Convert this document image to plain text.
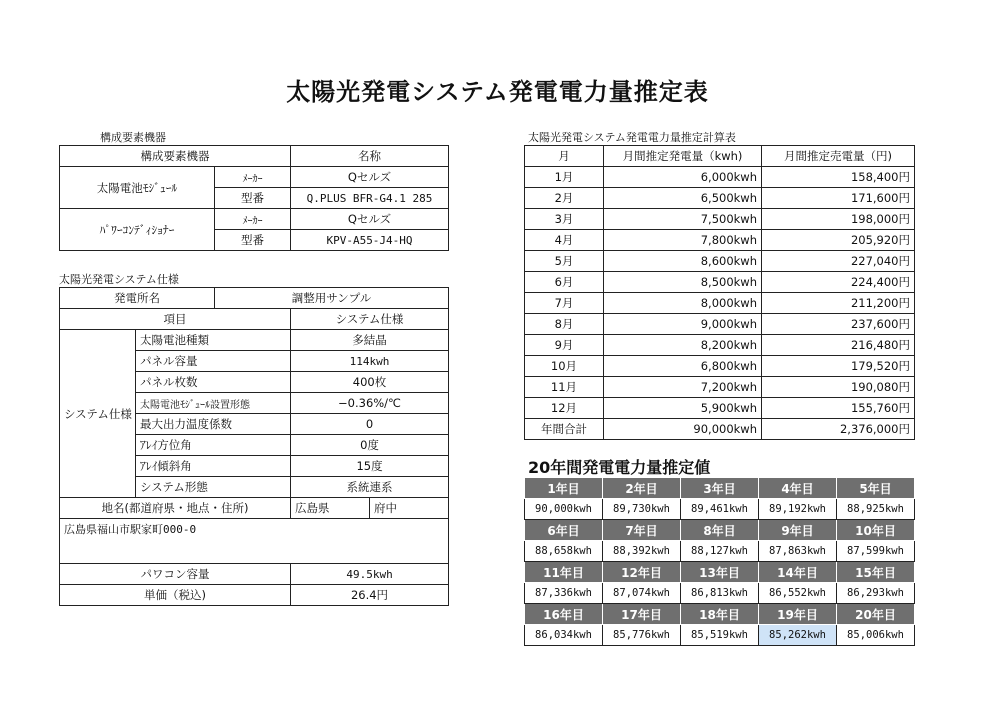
太陽光発電システム発電電力量推定表
構成要素機器
構成要素機器		名称
太陽電池ﾓｼﾞｭｰﾙ	ﾒｰｶｰ	Qセルズ
	型番	Q.PLUS BFR-G4.1 285
ﾊﾟﾜｰｺﾝﾃﾞｨｼｮﾅｰ	ﾒｰｶｰ	Qセルズ
	型番	KPV-A55-J4-HQ
太陽光発電システム仕様
発電所名		調整用サンプル		
項目			システム仕様	
システム仕様	太陽電池種類		多結晶	
	パネル容量		114kwh	
	パネル枚数		400枚	
	太陽電池ﾓｼﾞｭｰﾙ設置形態		−0.36%/℃	
	最大出力温度係数		0	
	ｱﾚｲ方位角		0度	
	ｱﾚｲ傾斜角		15度	
	システム形態		系統連系	
地名(都道府県・地点・住所)			広島県	府中
広島県福山市駅家町000-0				
パワコン容量			49.5kwh	
単価（税込)			26.4円	
太陽光発電システム発電電力量推定計算表
月	月間推定発電量（kwh)	月間推定売電量（円)
1月	6,000kwh	158,400円
2月	6,500kwh	171,600円
3月	7,500kwh	198,000円
4月	7,800kwh	205,920円
5月	8,600kwh	227,040円
6月	8,500kwh	224,400円
7月	8,000kwh	211,200円
8月	9,000kwh	237,600円
9月	8,200kwh	216,480円
10月	6,800kwh	179,520円
11月	7,200kwh	190,080円
12月	5,900kwh	155,760円
年間合計	90,000kwh	2,376,000円
20年間発電電力量推定値
1年目	2年目	3年目	4年目	5年目
90,000kwh	89,730kwh	89,461kwh	89,192kwh	88,925kwh
6年目	7年目	8年目	9年目	10年目
88,658kwh	88,392kwh	88,127kwh	87,863kwh	87,599kwh
11年目	12年目	13年目	14年目	15年目
87,336kwh	87,074kwh	86,813kwh	86,552kwh	86,293kwh
16年目	17年目	18年目	19年目	20年目
86,034kwh	85,776kwh	85,519kwh	85,262kwh	85,006kwh
